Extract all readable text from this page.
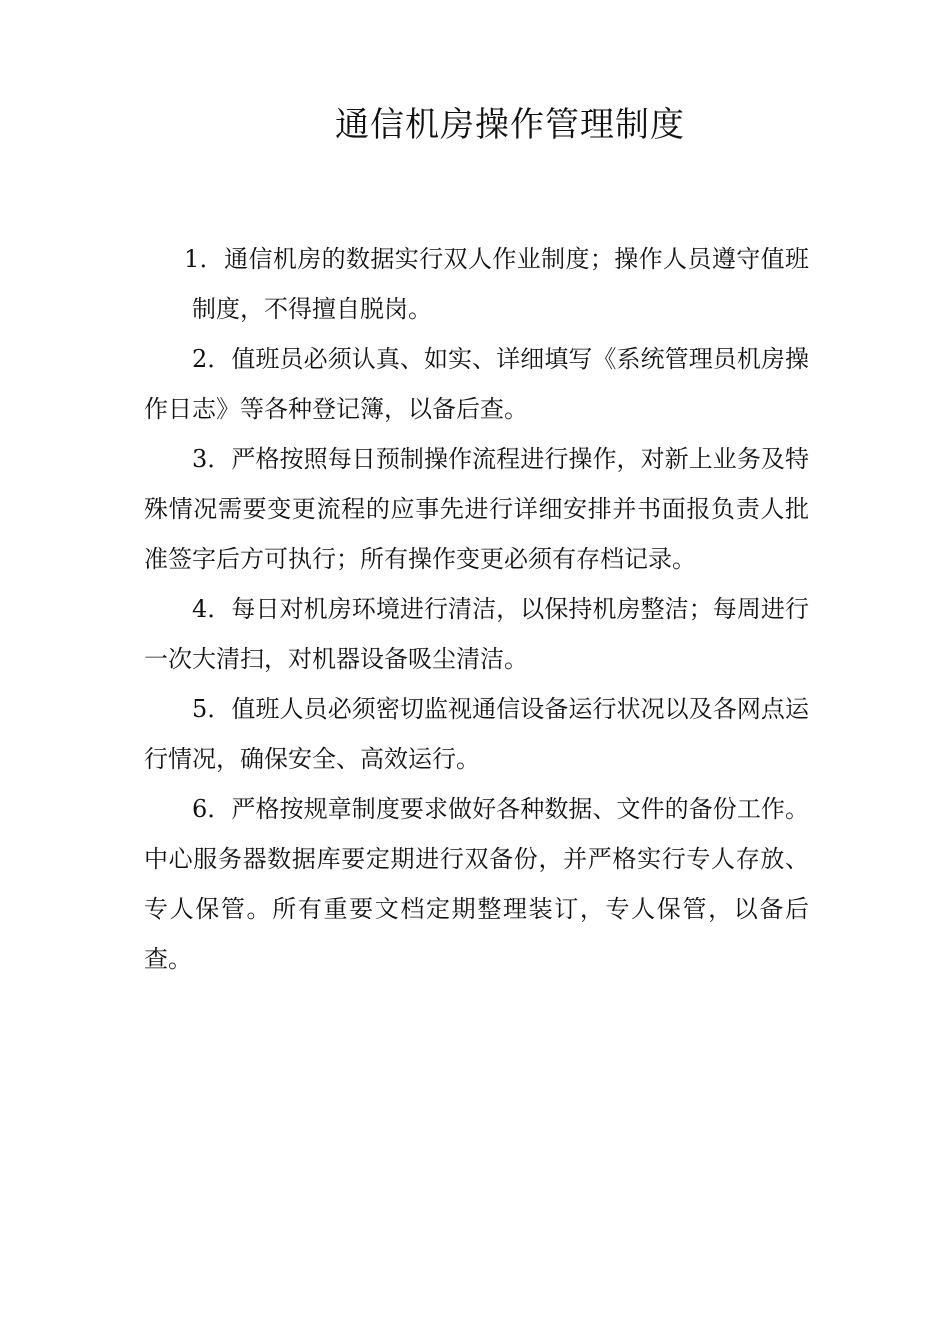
通信机房操作管理制度

1．通信机房的数据实行双人作业制度；操作人员遵守值班制度，不得擅自脱岗。

2．值班员必须认真、如实、详细填写《系统管理员机房操作日志》等各种登记簿，以备后查。

3．严格按照每日预制操作流程进行操作，对新上业务及特殊情况需要变更流程的应事先进行详细安排并书面报负责人批准签字后方可执行；所有操作变更必须有存档记录。

4．每日对机房环境进行清洁，以保持机房整洁；每周进行一次大清扫，对机器设备吸尘清洁。

5．值班人员必须密切监视通信设备运行状况以及各网点运行情况，确保安全、高效运行。

6．严格按规章制度要求做好各种数据、文件的备份工作。中心服务器数据库要定期进行双备份，并严格实行专人存放、专人保管。所有重要文档定期整理装订，专人保管，以备后查。
